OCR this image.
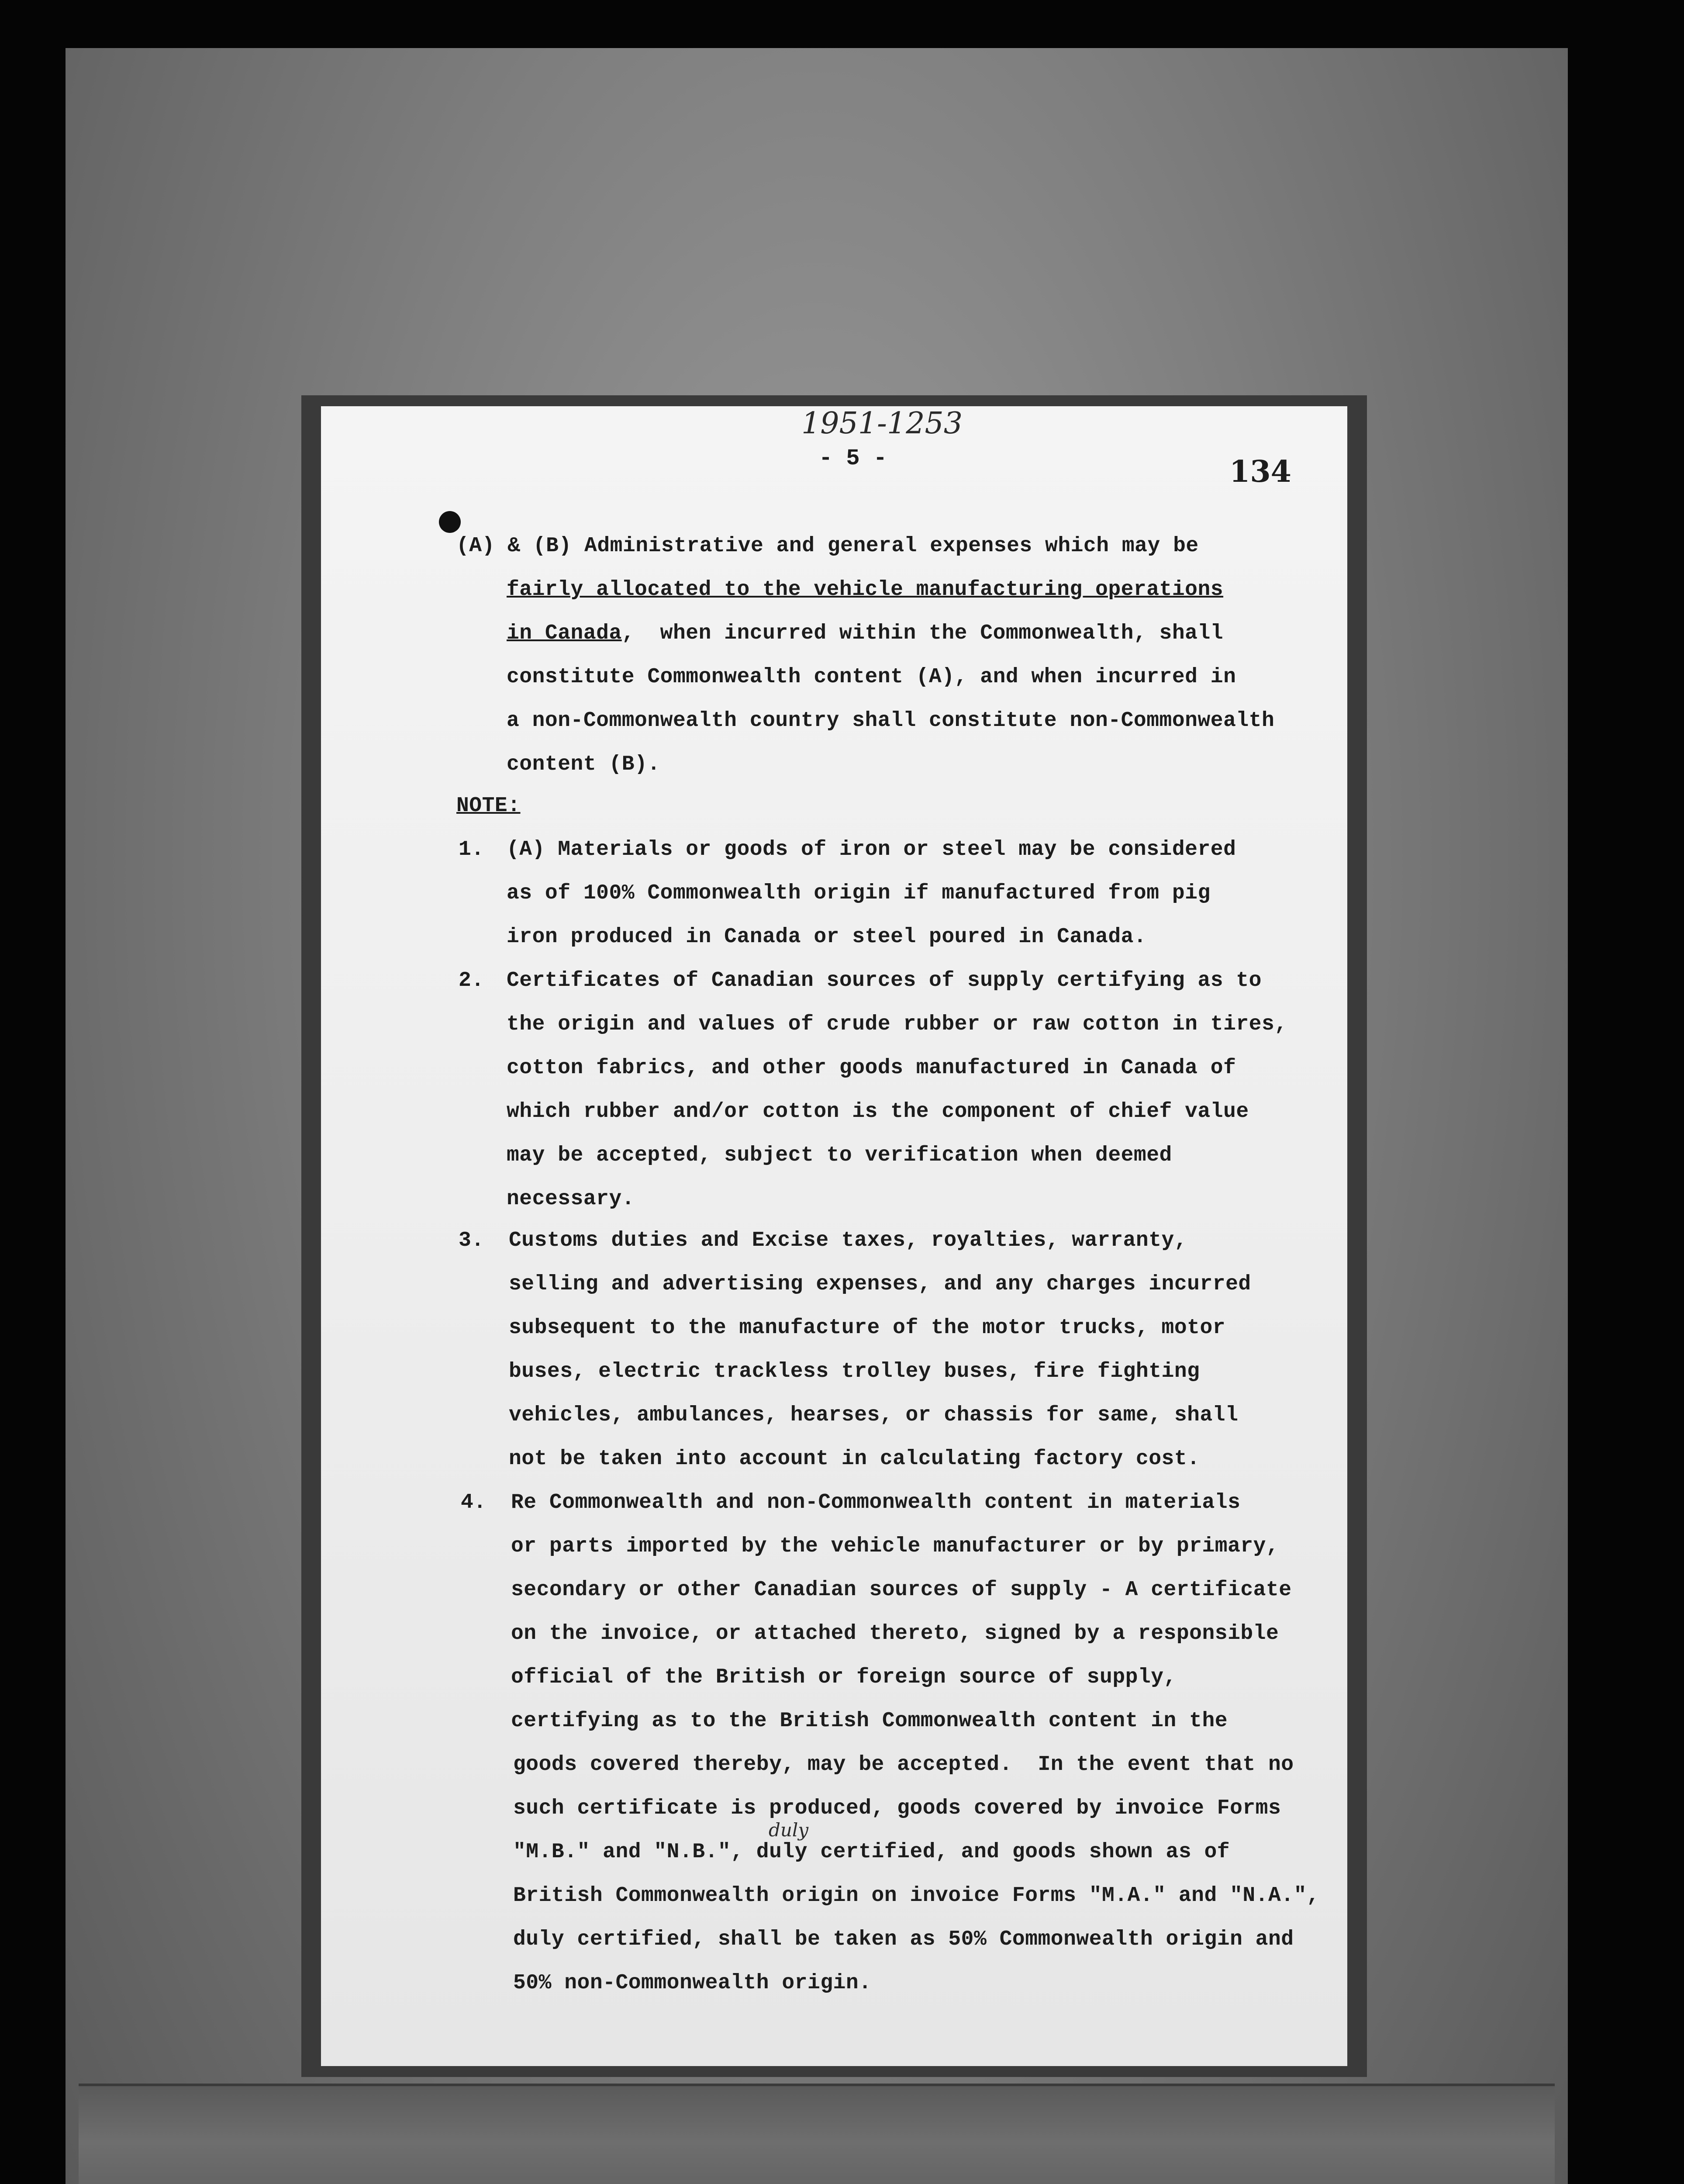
1951-1253
- 5 -	134
(A) & (B) Administrative and general expenses which may be
fairly allocated to the vehicle manufacturing operations
in Canada,  when incurred within the Commonwealth, shall
constitute Commonwealth content (A), and when incurred in
a non-Commonwealth country shall constitute non-Commonwealth
content (B).
NOTE:
1. (A) Materials or goods of iron or steel may be considered
as of 100% Commonwealth origin if manufactured from pig
iron produced in Canada or steel poured in Canada.
2. Certificates of Canadian sources of supply certifying as to
the origin and values of crude rubber or raw cotton in tires,
cotton fabrics, and other goods manufactured in Canada of
which rubber and/or cotton is the component of chief value
may be accepted, subject to verification when deemed
necessary.
3. Customs duties and Excise taxes, royalties, warranty,
selling and advertising expenses, and any charges incurred
subsequent to the manufacture of the motor trucks, motor
buses, electric trackless trolley buses, fire fighting
vehicles, ambulances, hearses, or chassis for same, shall
not be taken into account in calculating factory cost.
4. Re Commonwealth and non-Commonwealth content in materials
or parts imported by the vehicle manufacturer or by primary,
secondary or other Canadian sources of supply - A certificate
on the invoice, or attached thereto, signed by a responsible
official of the British or foreign source of supply,
certifying as to the British Commonwealth content in the
goods covered thereby, may be accepted.  In the event that no
such certificate is produced, goods covered by invoice Forms
"M.B." and "N.B.", duly certified, and goods shown as of
British Commonwealth origin on invoice Forms "M.A." and "N.A.",
duly certified, shall be taken as 50% Commonwealth origin and
50% non-Commonwealth origin.
duly
